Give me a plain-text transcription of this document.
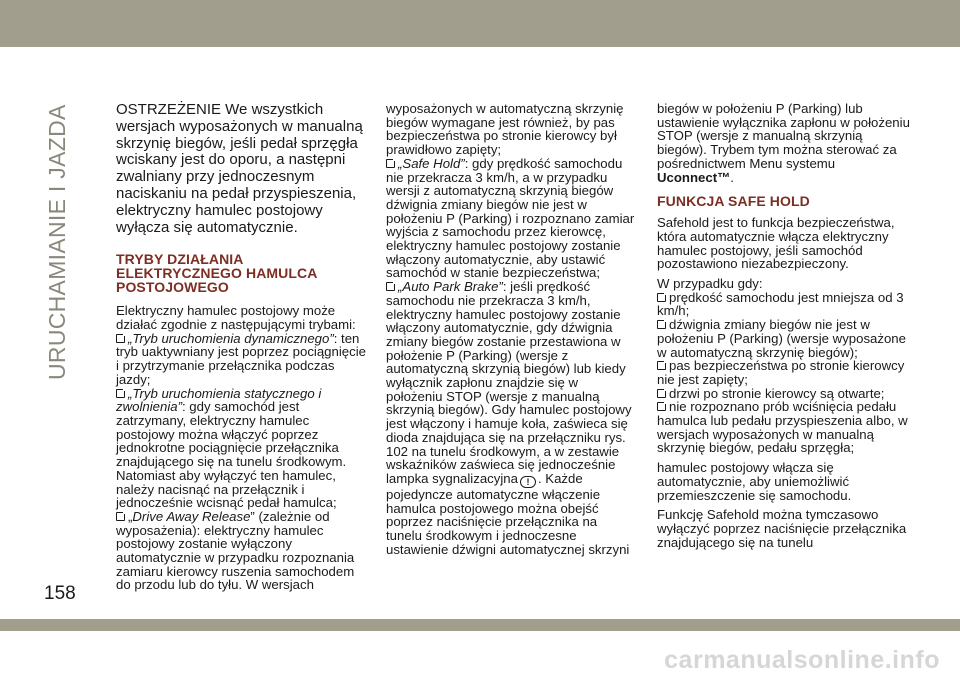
URUCHAMIANIE I JAZDA	OSTRZEŻENIE We wszystkich wersjach wyposażonych w manualną skrzynię biegów, jeśli pedał sprzęgła wciskany jest do oporu, a następni zwalniany przy jednoczesnym naciskaniu na pedał przyspieszenia, elektryczny hamulec postojowy wyłącza się automatycznie.

TRYBY DZIAŁANIA ELEKTRYCZNEGO HAMULCA POSTOJOWEGO

Elektryczny hamulec postojowy może działać zgodnie z następującymi trybami:

„Tryb uruchomienia dynamicznego”: ten tryb uaktywniany jest poprzez pociągnięcie i przytrzymanie przełącznika podczas jazdy;

„Tryb uruchomienia statycznego i zwolnienia”: gdy samochód jest zatrzymany, elektryczny hamulec postojowy można włączyć poprzez jednokrotne pociągnięcie przełącznika znajdującego się na tunelu środkowym. Natomiast aby wyłączyć ten hamulec, należy nacisnąć na przełącznik i jednocześnie wcisnąć pedał hamulca;

„Drive Away Release” (zależnie od wyposażenia): elektryczny hamulec postojowy zostanie wyłączony automatycznie w przypadku rozpoznania zamiaru kierowcy ruszenia samochodem do przodu lub do tyłu. W wersjach

wyposażonych w automatyczną skrzynię biegów wymagane jest również, by pas bezpieczeństwa po stronie kierowcy był prawidłowo zapięty;

„Safe Hold”: gdy prędkość samochodu nie przekracza 3 km/h, a w przypadku wersji z automatyczną skrzynią biegów dźwignia zmiany biegów nie jest w położeniu P (Parking) i rozpoznano zamiar wyjścia z samochodu przez kierowcę, elektryczny hamulec postojowy zostanie włączony automatycznie, aby ustawić samochód w stanie bezpieczeństwa;

„Auto Park Brake”: jeśli prędkość samochodu nie przekracza 3 km/h, elektryczny hamulec postojowy zostanie włączony automatycznie, gdy dźwignia zmiany biegów zostanie przestawiona w położenie P (Parking) (wersje z automatyczną skrzynią biegów) lub kiedy wyłącznik zapłonu znajdzie się w położeniu STOP (wersje z manualną skrzynią biegów). Gdy hamulec postojowy jest włączony i hamuje koła, zaświeca się dioda znajdująca się na przełączniku rys. 102 na tunelu środkowym, a w zestawie wskaźników zaświeca się jednocześnie lampka sygnalizacyjna ! . Każde pojedyncze automatyczne włączenie hamulca postojowego można obejść poprzez naciśnięcie przełącznika na tunelu środkowym i jednoczesne ustawienie dźwigni automatycznej skrzyni

biegów w położeniu P (Parking) lub ustawienie wyłącznika zapłonu w położeniu STOP (wersje z manualną skrzynią biegów). Trybem tym można sterować za pośrednictwem Menu systemu Uconnect™.

FUNKCJA SAFE HOLD

Safehold jest to funkcja bezpieczeństwa, która automatycznie włącza elektryczny hamulec postojowy, jeśli samochód pozostawiono niezabezpieczony.

W przypadku gdy:

prędkość samochodu jest mniejsza od 3 km/h;

dźwignia zmiany biegów nie jest w położeniu P (Parking) (wersje wyposażone w automatyczną skrzynię biegów);

pas bezpieczeństwa po stronie kierowcy nie jest zapięty;

drzwi po stronie kierowcy są otwarte;

nie rozpoznano prób wciśnięcia pedału hamulca lub pedału przyspieszenia albo, w wersjach wyposażonych w manualną skrzynię biegów, pedału sprzęgła;

hamulec postojowy włącza się automatycznie, aby uniemożliwić przemieszczenie się samochodu.

Funkcję Safehold można tymczasowo wyłączyć poprzez naciśnięcie przełącznika znajdującego się na tunelu

158
carmanualsonline.info
